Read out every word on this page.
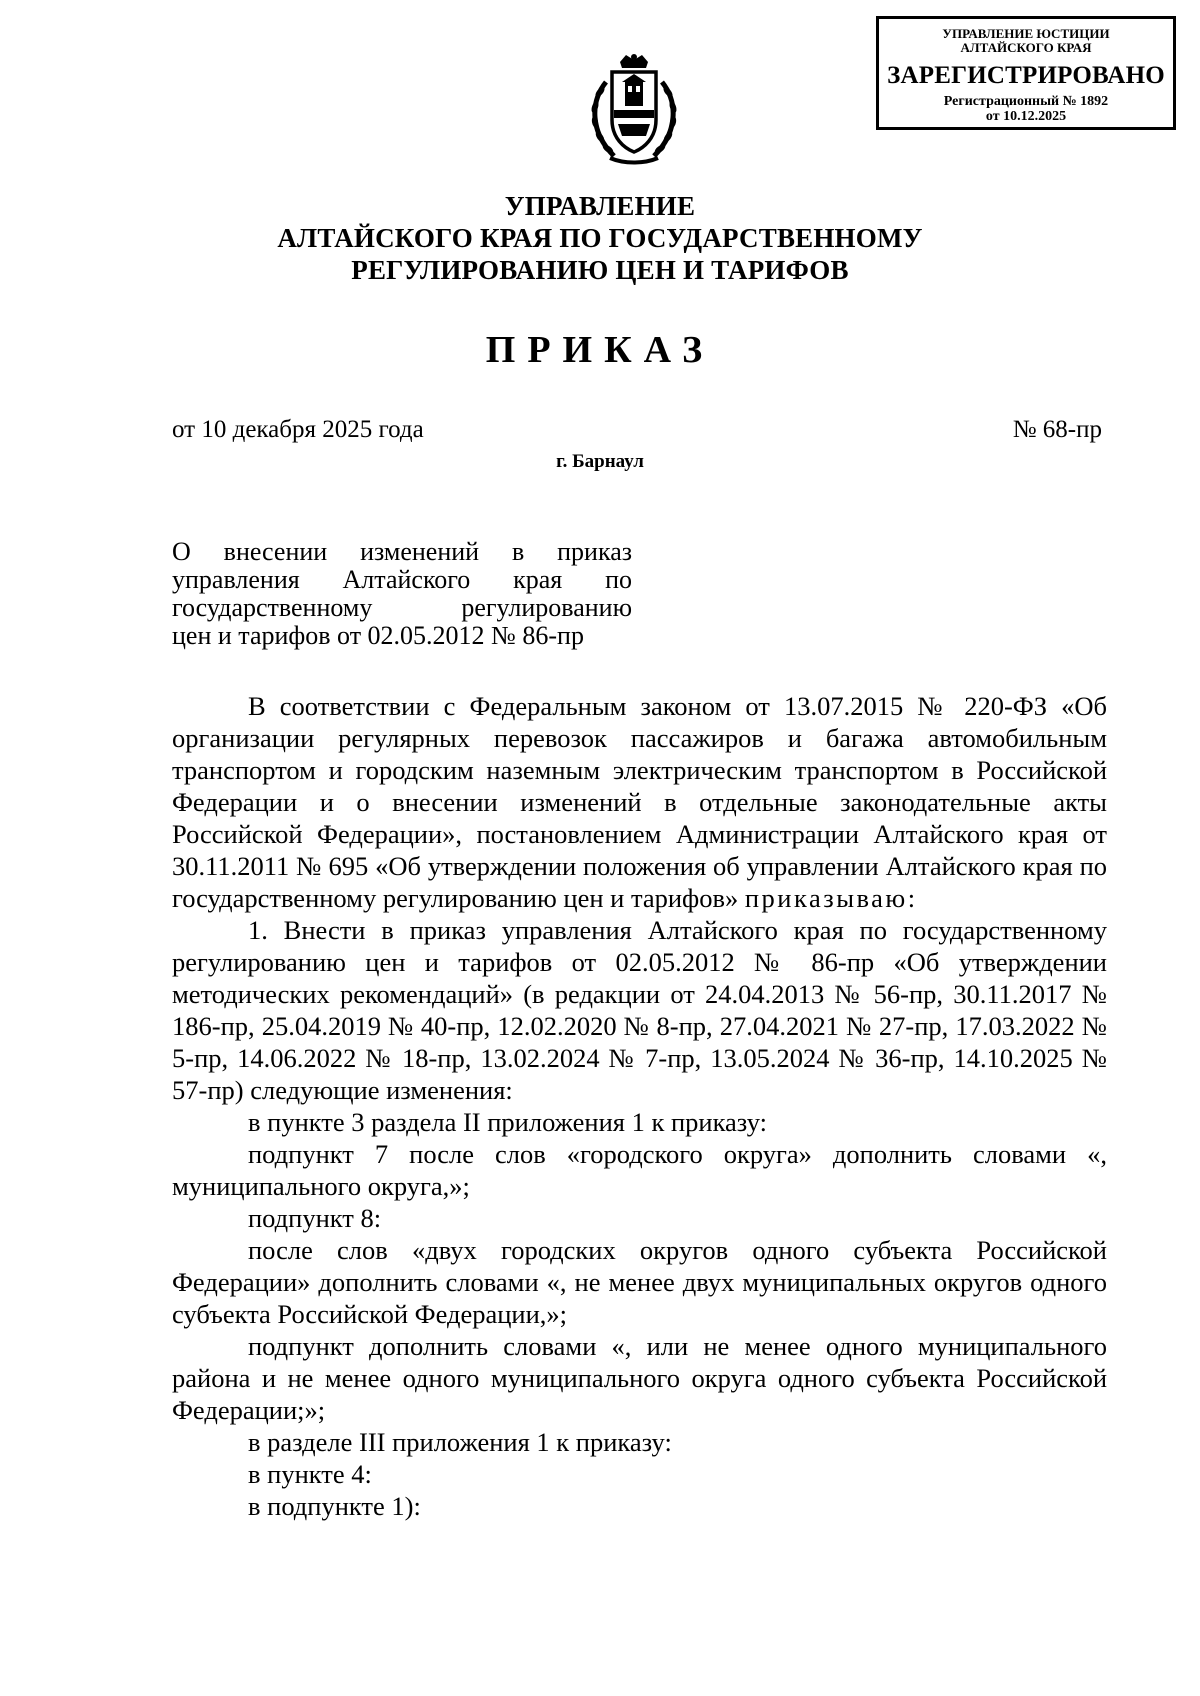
УПРАВЛЕНИЕ ЮСТИЦИИ
АЛТАЙСКОГО КРАЯ
ЗАРЕГИСТРИРОВАНО
Регистрационный № 1892
от 10.12.2025
УПРАВЛЕНИЕ
АЛТАЙСКОГО КРАЯ ПО ГОСУДАРСТВЕННОМУ
РЕГУЛИРОВАНИЮ ЦЕН И ТАРИФОВ
ПРИКАЗ
от 10 декабря 2025 года	№ 68-пр
г. Барнаул
О внесении изменений в приказ
управления Алтайского края по
государственному регулированию
цен и тарифов от 02.05.2012 № 86-пр

В соответствии с Федеральным законом от 13.07.2015 № 220-ФЗ «Об организации регулярных перевозок пассажиров и багажа автомобильным транспортом и городским наземным электрическим транспортом в Российской Федерации и о внесении изменений в отдельные законодательные акты Российской Федерации», постановлением Администрации Алтайского края от 30.11.2011 № 695 «Об утверждении положения об управлении Алтайского края по государственному регулированию цен и тарифов» приказываю:

1. Внести в приказ управления Алтайского края по государственному регулированию цен и тарифов от 02.05.2012 № 86-пр «Об утверждении методических рекомендаций» (в редакции от 24.04.2013 № 56-пр, 30.11.2017 № 186-пр, 25.04.2019 № 40-пр, 12.02.2020 № 8-пр, 27.04.2021 № 27-пр, 17.03.2022 № 5-пр, 14.06.2022 № 18-пр, 13.02.2024 № 7-пр, 13.05.2024 № 36-пр, 14.10.2025 № 57-пр) следующие изменения:

в пункте 3 раздела II приложения 1 к приказу:

подпункт 7 после слов «городского округа» дополнить словами «, муниципального округа,»;

подпункт 8:

после слов «двух городских округов одного субъекта Российской Федерации» дополнить словами «, не менее двух муниципальных округов одного субъекта Российской Федерации,»;

подпункт дополнить словами «, или не менее одного муниципального района и не менее одного муниципального округа одного субъекта Российской Федерации;»;

в разделе III приложения 1 к приказу:

в пункте 4:

в подпункте 1):
